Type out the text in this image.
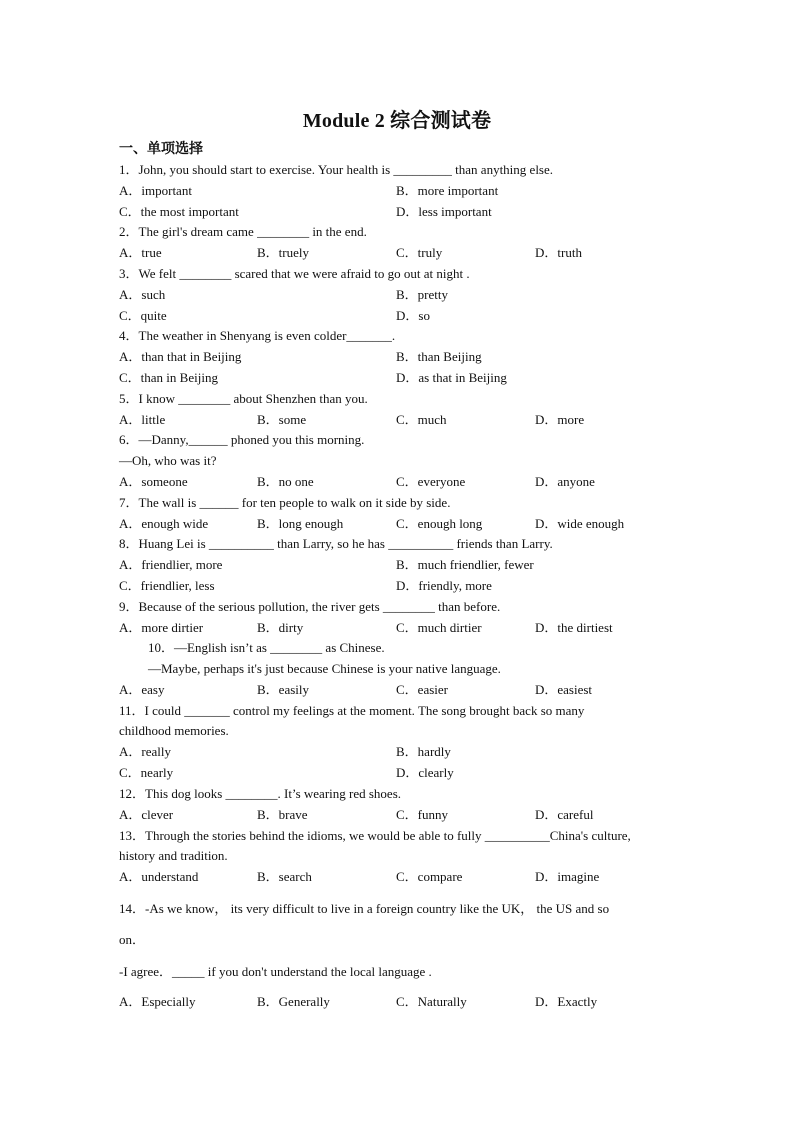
Module 2 综合测试卷
一、单项选择
1．John, you should start to exercise. Your health is _________ than anything else.
A．important	B．more important
C．the most important	D．less important
2．The girl's dream came ________ in the end.
A．true	B．truely	C．truly	D．truth
3．We felt ________ scared that we were afraid to go out at night .
A．such	B．pretty
C．quite	D．so
4．The weather in Shenyang is even colder_______.
A．than that in Beijing	B．than Beijing
C．than in Beijing	D．as that in Beijing
5．I know ________ about Shenzhen than you.
A．little	B．some	C．much	D．more
6．—Danny,______ phoned you this morning.
—Oh, who was it?
A．someone	B．no one	C．everyone	D．anyone
7．The wall is ______ for ten people to walk on it side by side.
A．enough wide	B．long enough	C．enough long	D．wide enough
8．Huang Lei is __________ than Larry, so he has __________ friends than Larry.
A．friendlier, more	B．much friendlier, fewer
C．friendlier, less	D．friendly, more
9．Because of the serious pollution, the river gets ________ than before.
A．more dirtier	B．dirty	C．much dirtier	D．the dirtiest
10．—English isn’t as ________ as Chinese.
—Maybe, perhaps it's just because Chinese is your native language.
A．easy	B．easily	C．easier	D．easiest
11．I could _______ control my feelings at the moment. The song brought back so many
childhood memories.
A．really	B．hardly
C．nearly	D．clearly
12．This dog looks ________. It’s wearing red shoes.
A．clever	B．brave	C．funny	D．careful
13．Through the stories behind the idioms, we would be able to fully __________China's culture,
history and tradition.
A．understand	B．search	C．compare	D．imagine
14．-As we know， its very difficult to live in a foreign country like the UK， the US and so
on．
-I agree．_____ if you don't understand the local language .
A．Especially	B．Generally	C．Naturally	D．Exactly
